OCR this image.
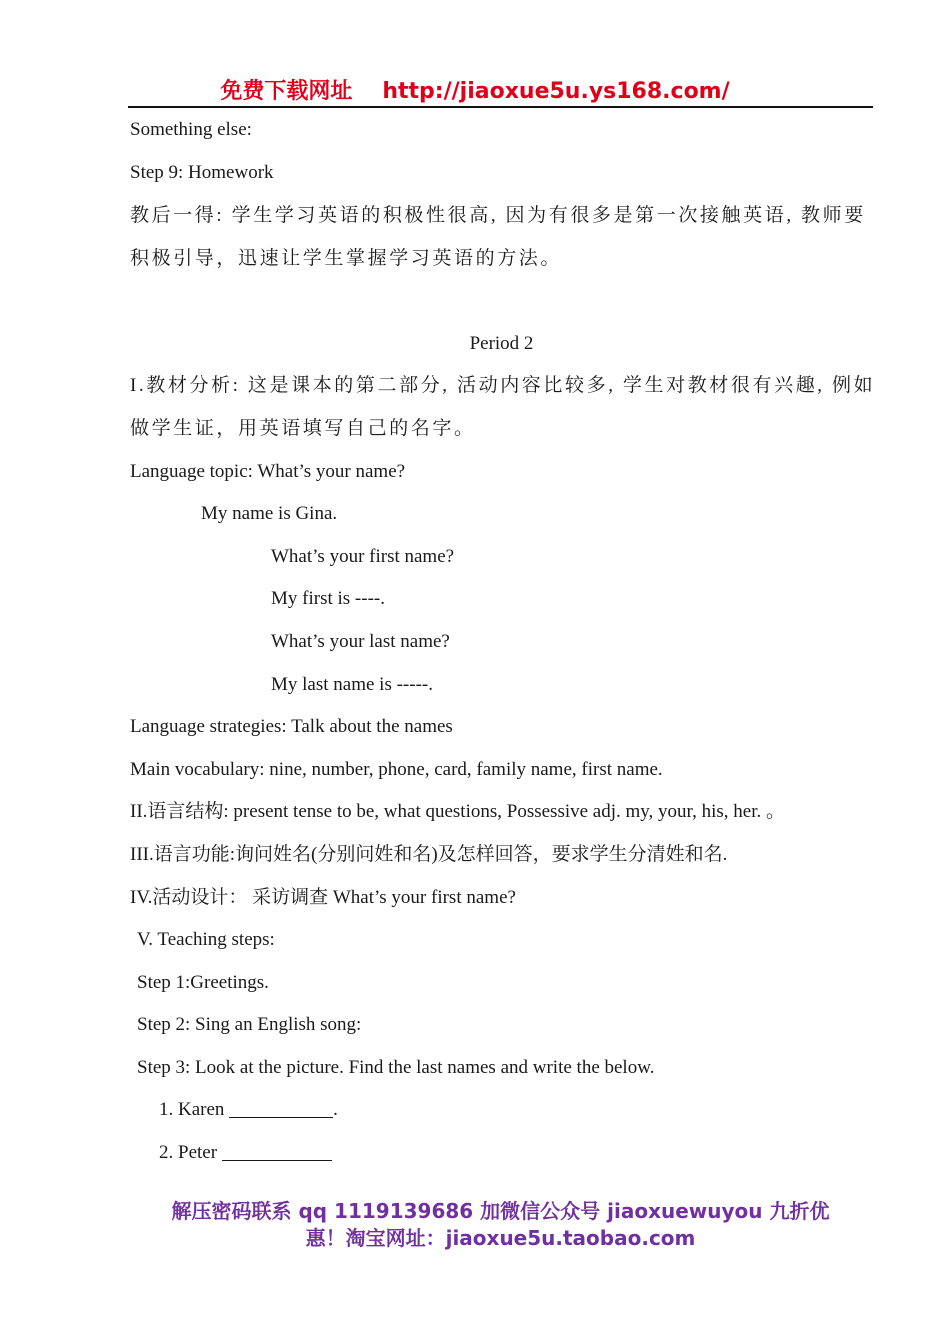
免费下载网址 http://jiaoxue5u.ys168.com/
Something else:
Step 9: Homework
教后一得: 学生学习英语的积极性很高, 因为有很多是第一次接触英语, 教师要
积极引导，迅速让学生掌握学习英语的方法。
Period 2
I.教材分析: 这是课本的第二部分, 活动内容比较多, 学生对教材很有兴趣, 例如
做学生证，用英语填写自己的名字。
Language topic: What’s your name?
My name is Gina.
What’s your first name?
My first is ----.
What’s your last name?
My last name is -----.
Language strategies: Talk about the names
Main vocabulary: nine, number, phone, card, family name, first name.
II.语言结构: present tense to be, what questions, Possessive adj. my, your, his, her. 。
III.语言功能:询问姓名(分别问姓和名)及怎样回答，要求学生分清姓和名.
IV.活动设计： 采访调查 What’s your first name?
V. Teaching steps:
Step 1:Greetings.
Step 2: Sing an English song:
Step 3: Look at the picture. Find the last names and write the below.
1. Karen	.
2. Peter
解压密码联系 qq 1119139686 加微信公众号 jiaoxuewuyou 九折优
惠！淘宝网址：jiaoxue5u.taobao.com
